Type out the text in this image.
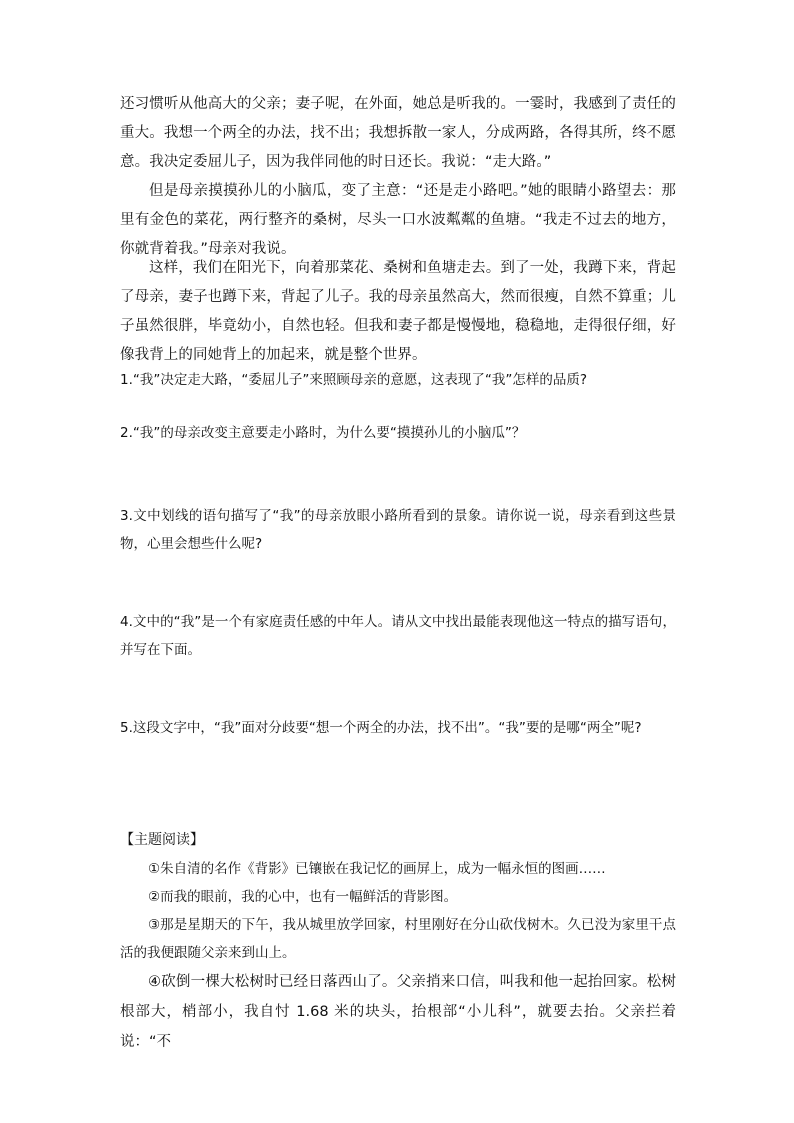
还习惯听从他高大的父亲；妻子呢，在外面，她总是听我的。一霎时，我感到了责任的重大。我想一个两全的办法，找不出；我想拆散一家人，分成两路，各得其所，终不愿意。我决定委屈儿子，因为我伴同他的时日还长。我说：“走大路。”

但是母亲摸摸孙儿的小脑瓜，变了主意：“还是走小路吧。”她的眼睛小路望去：那里有金色的菜花，两行整齐的桑树，尽头一口水波粼粼的鱼塘。“我走不过去的地方，你就背着我。”母亲对我说。

这样，我们在阳光下，向着那菜花、桑树和鱼塘走去。到了一处，我蹲下来，背起了母亲，妻子也蹲下来，背起了儿子。我的母亲虽然高大，然而很瘦，自然不算重；儿子虽然很胖，毕竟幼小，自然也轻。但我和妻子都是慢慢地，稳稳地，走得很仔细，好像我背上的同她背上的加起来，就是整个世界。

1.“我”决定走大路，“委屈儿子”来照顾母亲的意愿，这表现了“我”怎样的品质?

2.“我”的母亲改变主意要走小路时，为什么要“摸摸孙儿的小脑瓜”？

3.文中划线的语句描写了“我”的母亲放眼小路所看到的景象。请你说一说，母亲看到这些景物，心里会想些什么呢?

4.文中的“我”是一个有家庭责任感的中年人。请从文中找出最能表现他这一特点的描写语句，并写在下面。

5.这段文字中，“我”面对分歧要“想一个两全的办法，找不出”。“我”要的是哪“两全”呢?

【主题阅读】

①朱自清的名作《背影》已镶嵌在我记忆的画屏上，成为一幅永恒的图画……

②而我的眼前，我的心中，也有一幅鲜活的背影图。

③那是星期天的下午，我从城里放学回家，村里刚好在分山砍伐树木。久已没为家里干点活的我便跟随父亲来到山上。

④砍倒一棵大松树时已经日落西山了。父亲捎来口信，叫我和他一起抬回家。松树根部大，梢部小，我自忖 1.68 米的块头，抬根部“小儿科”，就要去抬。父亲拦着说：“不
